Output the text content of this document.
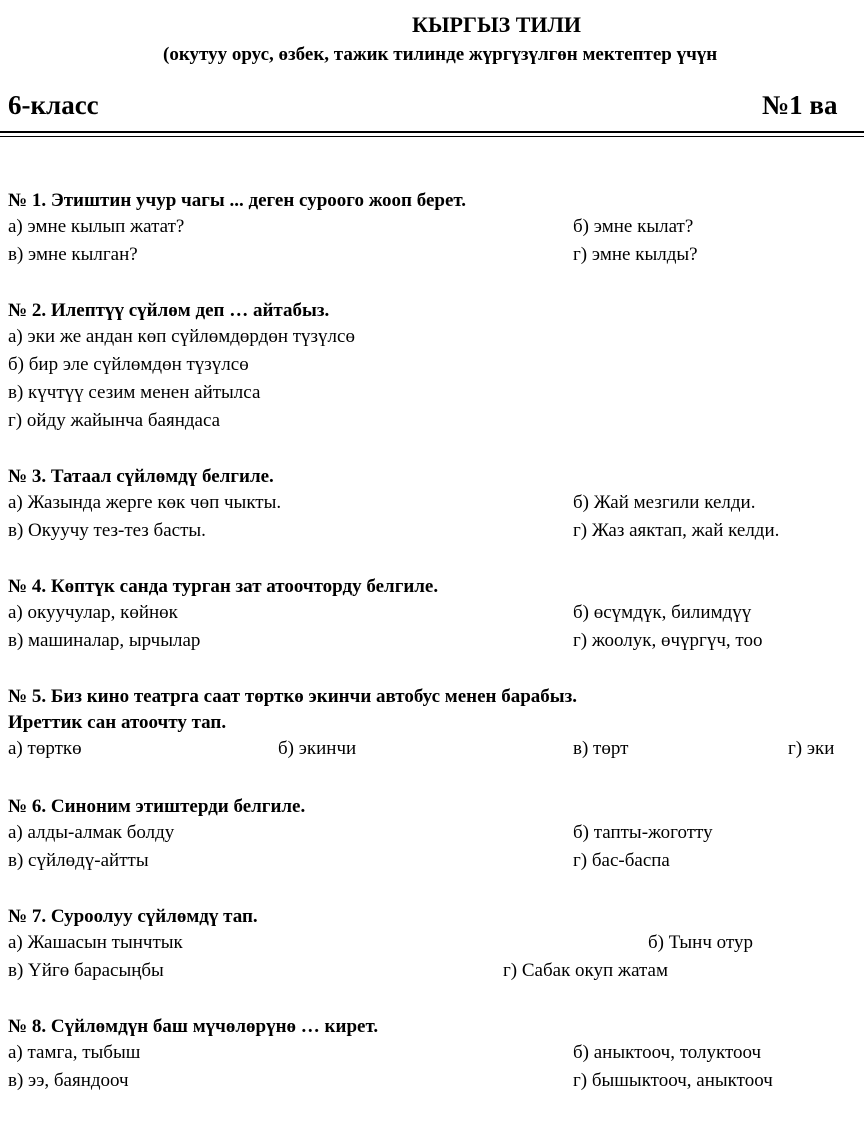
КЫРГЫЗ ТИЛИ
(окутуу орус, өзбек, тажик тилинде жүргүзүлгөн мектептер үчүн
6-класс	№1 ва
№ 1. Этиштин учур чагы ... деген суроого жооп берет.
а) эмне кылып жатат?	б) эмне кылат?
в) эмне кылган?	г) эмне кылды?
№ 2. Илептүү сүйлөм деп … айтабыз.
а) эки же андан көп сүйлөмдөрдөн түзүлсө
б) бир эле сүйлөмдөн түзүлсө
в) күчтүү сезим менен айтылса
г) ойду жайынча баяндаса
№ 3. Татаал сүйлөмдү белгиле.
а) Жазында жерге көк чөп чыкты.	б) Жай мезгили келди.
в) Окуучу тез-тез басты.	г) Жаз аяктап, жай келди.
№ 4. Көптүк санда турган зат атоочторду белгиле.
а) окуучулар, көйнөк	б) өсүмдүк, билимдүү
в) машиналар, ырчылар	г) жоолук, өчүргүч, тоо
№ 5. Биз кино театрга саат төрткө экинчи автобус менен барабыз.
Иреттик сан атоочту тап.
а) төрткө	б) экинчи	в) төрт	г) эки
№ 6. Синоним этиштерди белгиле.
а) алды-алмак болду	б) тапты-жоготту
в) сүйлөдү-айтты	г) бас-баспа
№ 7. Суроолуу сүйлөмдү тап.
а) Жашасын тынчтык	б) Тынч отур
в) Үйгө барасыңбы	г) Сабак окуп жатам
№ 8. Сүйлөмдүн баш мүчөлөрүнө … кирет.
а) тамга, тыбыш	б) аныктооч, толуктооч
в) ээ, баяндооч	г) бышыктооч, аныктооч
